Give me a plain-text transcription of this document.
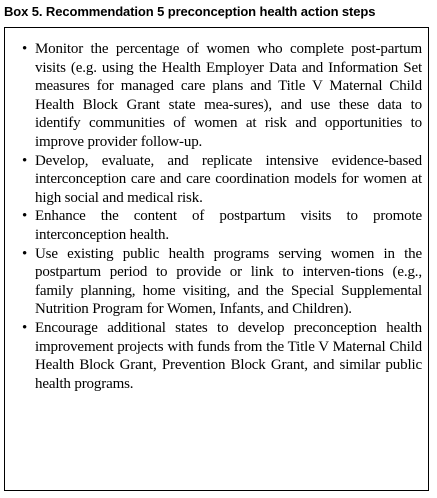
Box 5. Recommendation 5 preconception health action steps
• Monitor the percentage of women who complete post-partum visits (e.g. using the Health Employer Data and Information Set measures for managed care plans and Title V Maternal Child Health Block Grant state mea-sures), and use these data to identify communities of women at risk and opportunities to improve provider follow-up.
• Develop, evaluate, and replicate intensive evidence-based interconception care and care coordination models for women at high social and medical risk.
• Enhance the content of postpartum visits to promote interconception health.
• Use existing public health programs serving women in the postpartum period to provide or link to interven-tions (e.g., family planning, home visiting, and the Special Supplemental Nutrition Program for Women, Infants, and Children).
• Encourage additional states to develop preconception health improvement projects with funds from the Title V Maternal Child Health Block Grant, Prevention Block Grant, and similar public health programs.
